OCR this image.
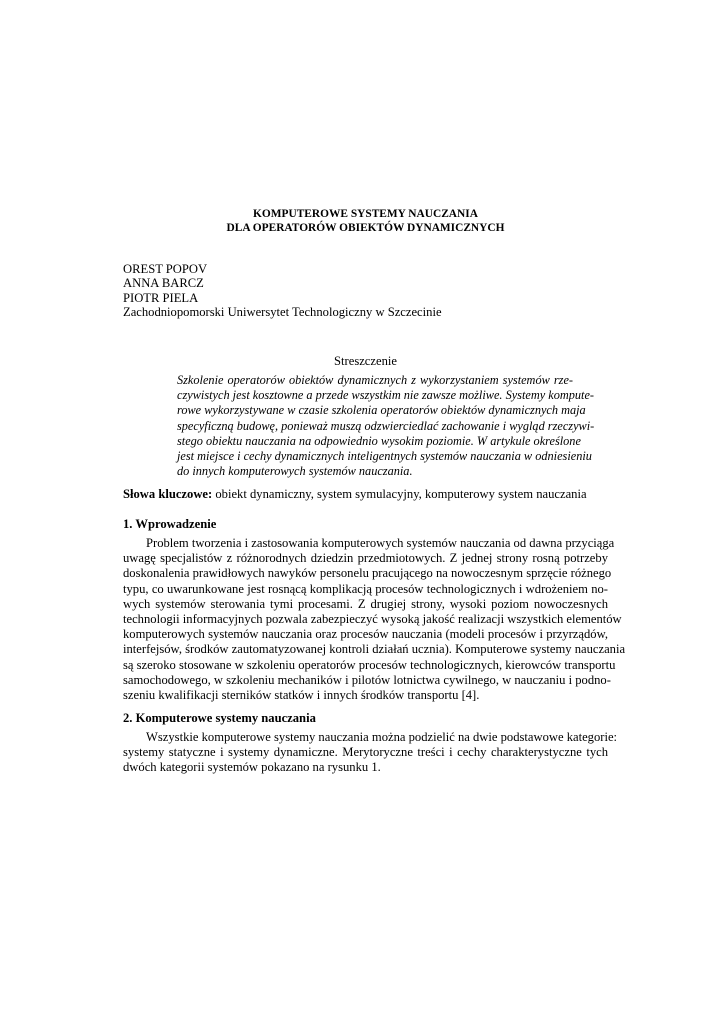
KOMPUTEROWE SYSTEMY NAUCZANIA
DLA OPERATORÓW OBIEKTÓW DYNAMICZNYCH
OREST POPOV
ANNA BARCZ
PIOTR PIELA
Zachodniopomorski Uniwersytet Technologiczny w Szczecinie
Streszczenie
Szkolenie operatorów obiektów dynamicznych z wykorzystaniem systemów rze-
czywistych jest kosztowne a przede wszystkim nie zawsze możliwe. Systemy kompute-
rowe wykorzystywane w czasie szkolenia operatorów obiektów dynamicznych maja
specyficzną budowę, ponieważ muszą odzwierciedlać zachowanie i wygląd rzeczywi-
stego obiektu nauczania na odpowiednio wysokim poziomie. W artykule określone
jest miejsce i cechy dynamicznych inteligentnych systemów nauczania w odniesieniu
do innych komputerowych systemów nauczania.
Słowa kluczowe: obiekt dynamiczny, system symulacyjny, komputerowy system nauczania
1. Wprowadzenie
Problem tworzenia i zastosowania komputerowych systemów nauczania od dawna przyciąga
uwagę specjalistów z różnorodnych dziedzin przedmiotowych. Z jednej strony rosną potrzeby
doskonalenia prawidłowych nawyków personelu pracującego na nowoczesnym sprzęcie różnego
typu, co uwarunkowane jest rosnącą komplikacją procesów technologicznych i wdrożeniem no-
wych systemów sterowania tymi procesami. Z drugiej strony, wysoki poziom nowoczesnych
technologii informacyjnych pozwala zabezpieczyć wysoką jakość realizacji wszystkich elementów
komputerowych systemów nauczania oraz procesów nauczania (modeli procesów i przyrządów,
interfejsów, środków zautomatyzowanej kontroli działań ucznia). Komputerowe systemy nauczania
są szeroko stosowane w szkoleniu operatorów procesów technologicznych, kierowców transportu
samochodowego, w szkoleniu mechaników i pilotów lotnictwa cywilnego, w nauczaniu i podno-
szeniu kwalifikacji sterników statków i innych środków transportu [4].
2. Komputerowe systemy nauczania
Wszystkie komputerowe systemy nauczania można podzielić na dwie podstawowe kategorie:
systemy statyczne i systemy dynamiczne. Merytoryczne treści i cechy charakterystyczne tych
dwóch kategorii systemów pokazano na rysunku 1.
